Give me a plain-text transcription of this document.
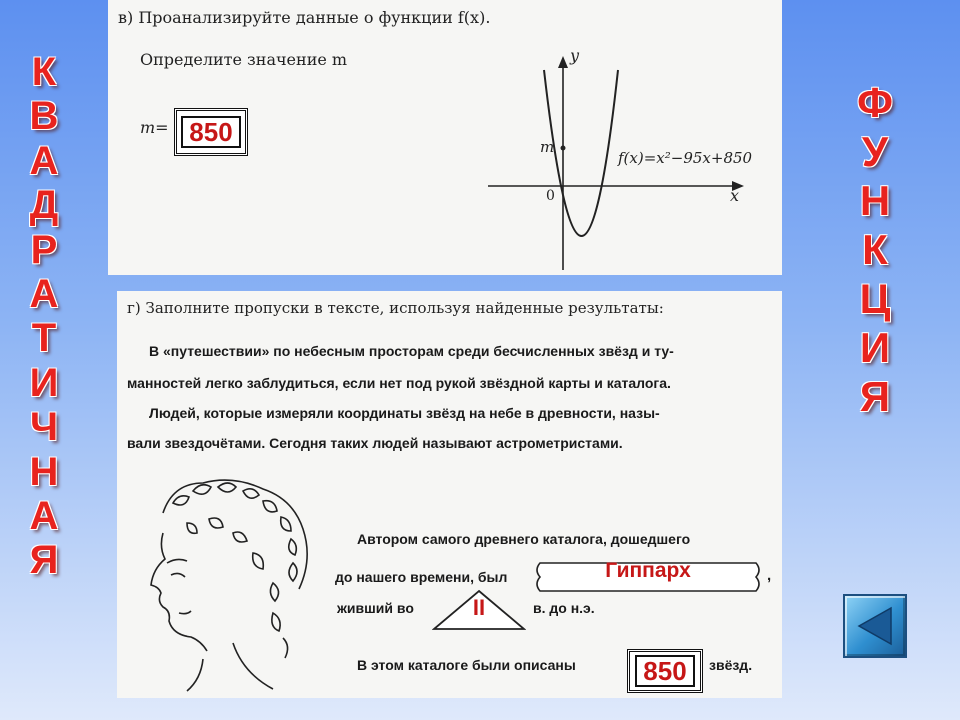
К
В
А
Д
Р
А
Т
И
Ч
Н
А
Я
Ф
У
Н
К
Ц
И
Я
в) Проанализируйте данные о функции f(x).
Определите значение m
m= 850
y
x
0
m
f(x)=x²−95x+850
г) Заполните пропуски в тексте, используя найденные результаты:
В «путешествии» по небесным просторам среди бесчисленных звёзд и ту-
манностей легко заблудиться, если нет под рукой звёздной карты и каталога.
Людей, которые измеряли координаты звёзд на небе в древности, назы-
вали звездочётами. Сегодня таких людей называют астрометристами.
Автором самого древнего каталога, дошедшего
до нашего времени, был	Гиппарх	,
живший во	II	в. до н.э.
В этом каталоге были описаны	850	звёзд.
